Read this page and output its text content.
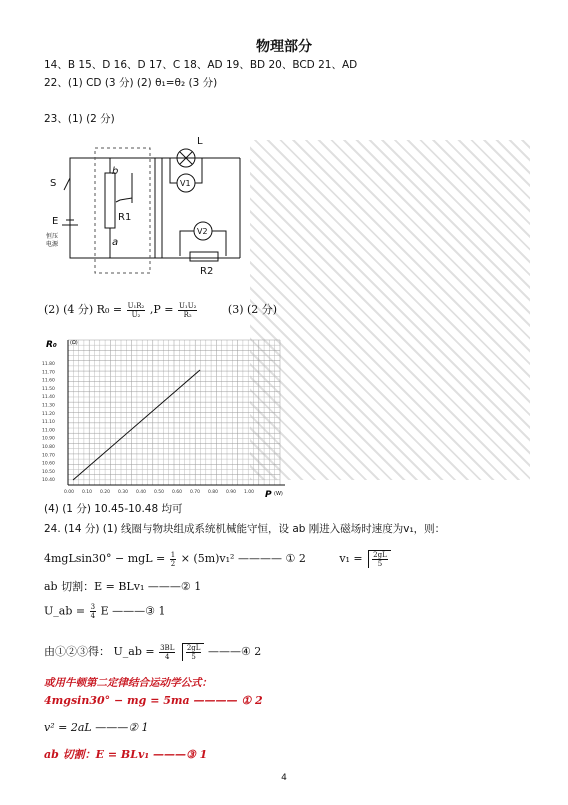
物理部分
14、B 15、D 16、D 17、C 18、AD 19、BD 20、BCD 21、AD
22、(1) CD (3 分) (2) θ₁=θ₂ (3 分)
23、(1) (2 分)
S
E
恒压
电源
b
a
R1
L
V1
V2
R2
(2) (4 分) $R_0 = \frac{\text{U₁R₂}}{\text{U₂}} ,P = \frac{\text{U₁U₂}}{\text{R₂}}$	(3) (2 分)
11.80
11.70
11.60
11.50
11.40
11.30
11.20
11.10
11.00
10.90
10.80
10.70
10.60
10.50
10.40
0.00 0.10 0.20 0.30 0.40 0.50 0.60 0.70 0.80 0.90 1.00
R₀	(Ω)
P (W)
(4) (1 分) 10.45-10.48 均可
24. (14 分) (1) 线圈与物块组成系统机械能守恒，设 ab 刚进入磁场时速度为v₁，则：
4mgLsin30° − mgL = $\frac{1}{2} \times (5m)v_1^2$ ———— ① 2	$v_1 = \frac{2gL}{5}$
ab 切割：E = BLv₁ ———② 1
U_ab = $\frac{3}{4}$ E ———③ 1
由①②③得： U_ab = $\frac{3BL}{4}$
$\frac{2gL}{5}$ ———④ 2
或用牛顿第二定律结合运动学公式：
4mgsin30° − mg = 5ma ———— ① 2
v² = 2aL ———② 1
ab 切割：E = BLv₁ ———③ 1
4
